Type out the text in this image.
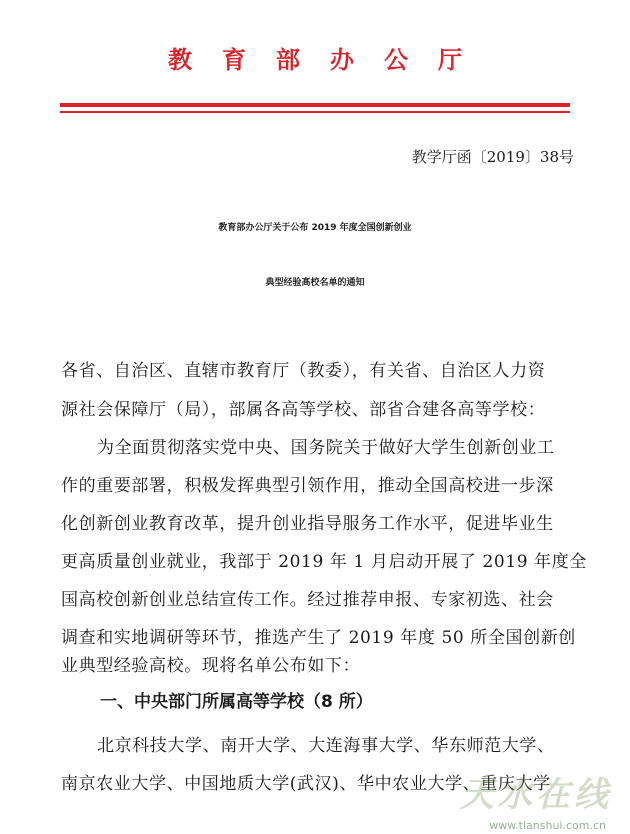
教育部办公厅
教学厅函〔2019〕38号
教育部办公厅关于公布 2019 年度全国创新创业
典型经验高校名单的通知
各省、自治区、直辖市教育厅（教委），有关省、自治区人力资
源社会保障厅（局），部属各高等学校、部省合建各高等学校：
为全面贯彻落实党中央、国务院关于做好大学生创新创业工
作的重要部署，积极发挥典型引领作用，推动全国高校进一步深
化创新创业教育改革，提升创业指导服务工作水平，促进毕业生
更高质量创业就业，我部于 2019 年 1 月启动开展了 2019 年度全
国高校创新创业总结宣传工作。经过推荐申报、专家初选、社会
调查和实地调研等环节，推选产生了 2019 年度 50 所全国创新创
业典型经验高校。现将名单公布如下：
一、中央部门所属高等学校（8 所）
北京科技大学、南开大学、大连海事大学、华东师范大学、
南京农业大学、中国地质大学(武汉)、华中农业大学、重庆大学
天水在线
www.tianshui.com.cn
